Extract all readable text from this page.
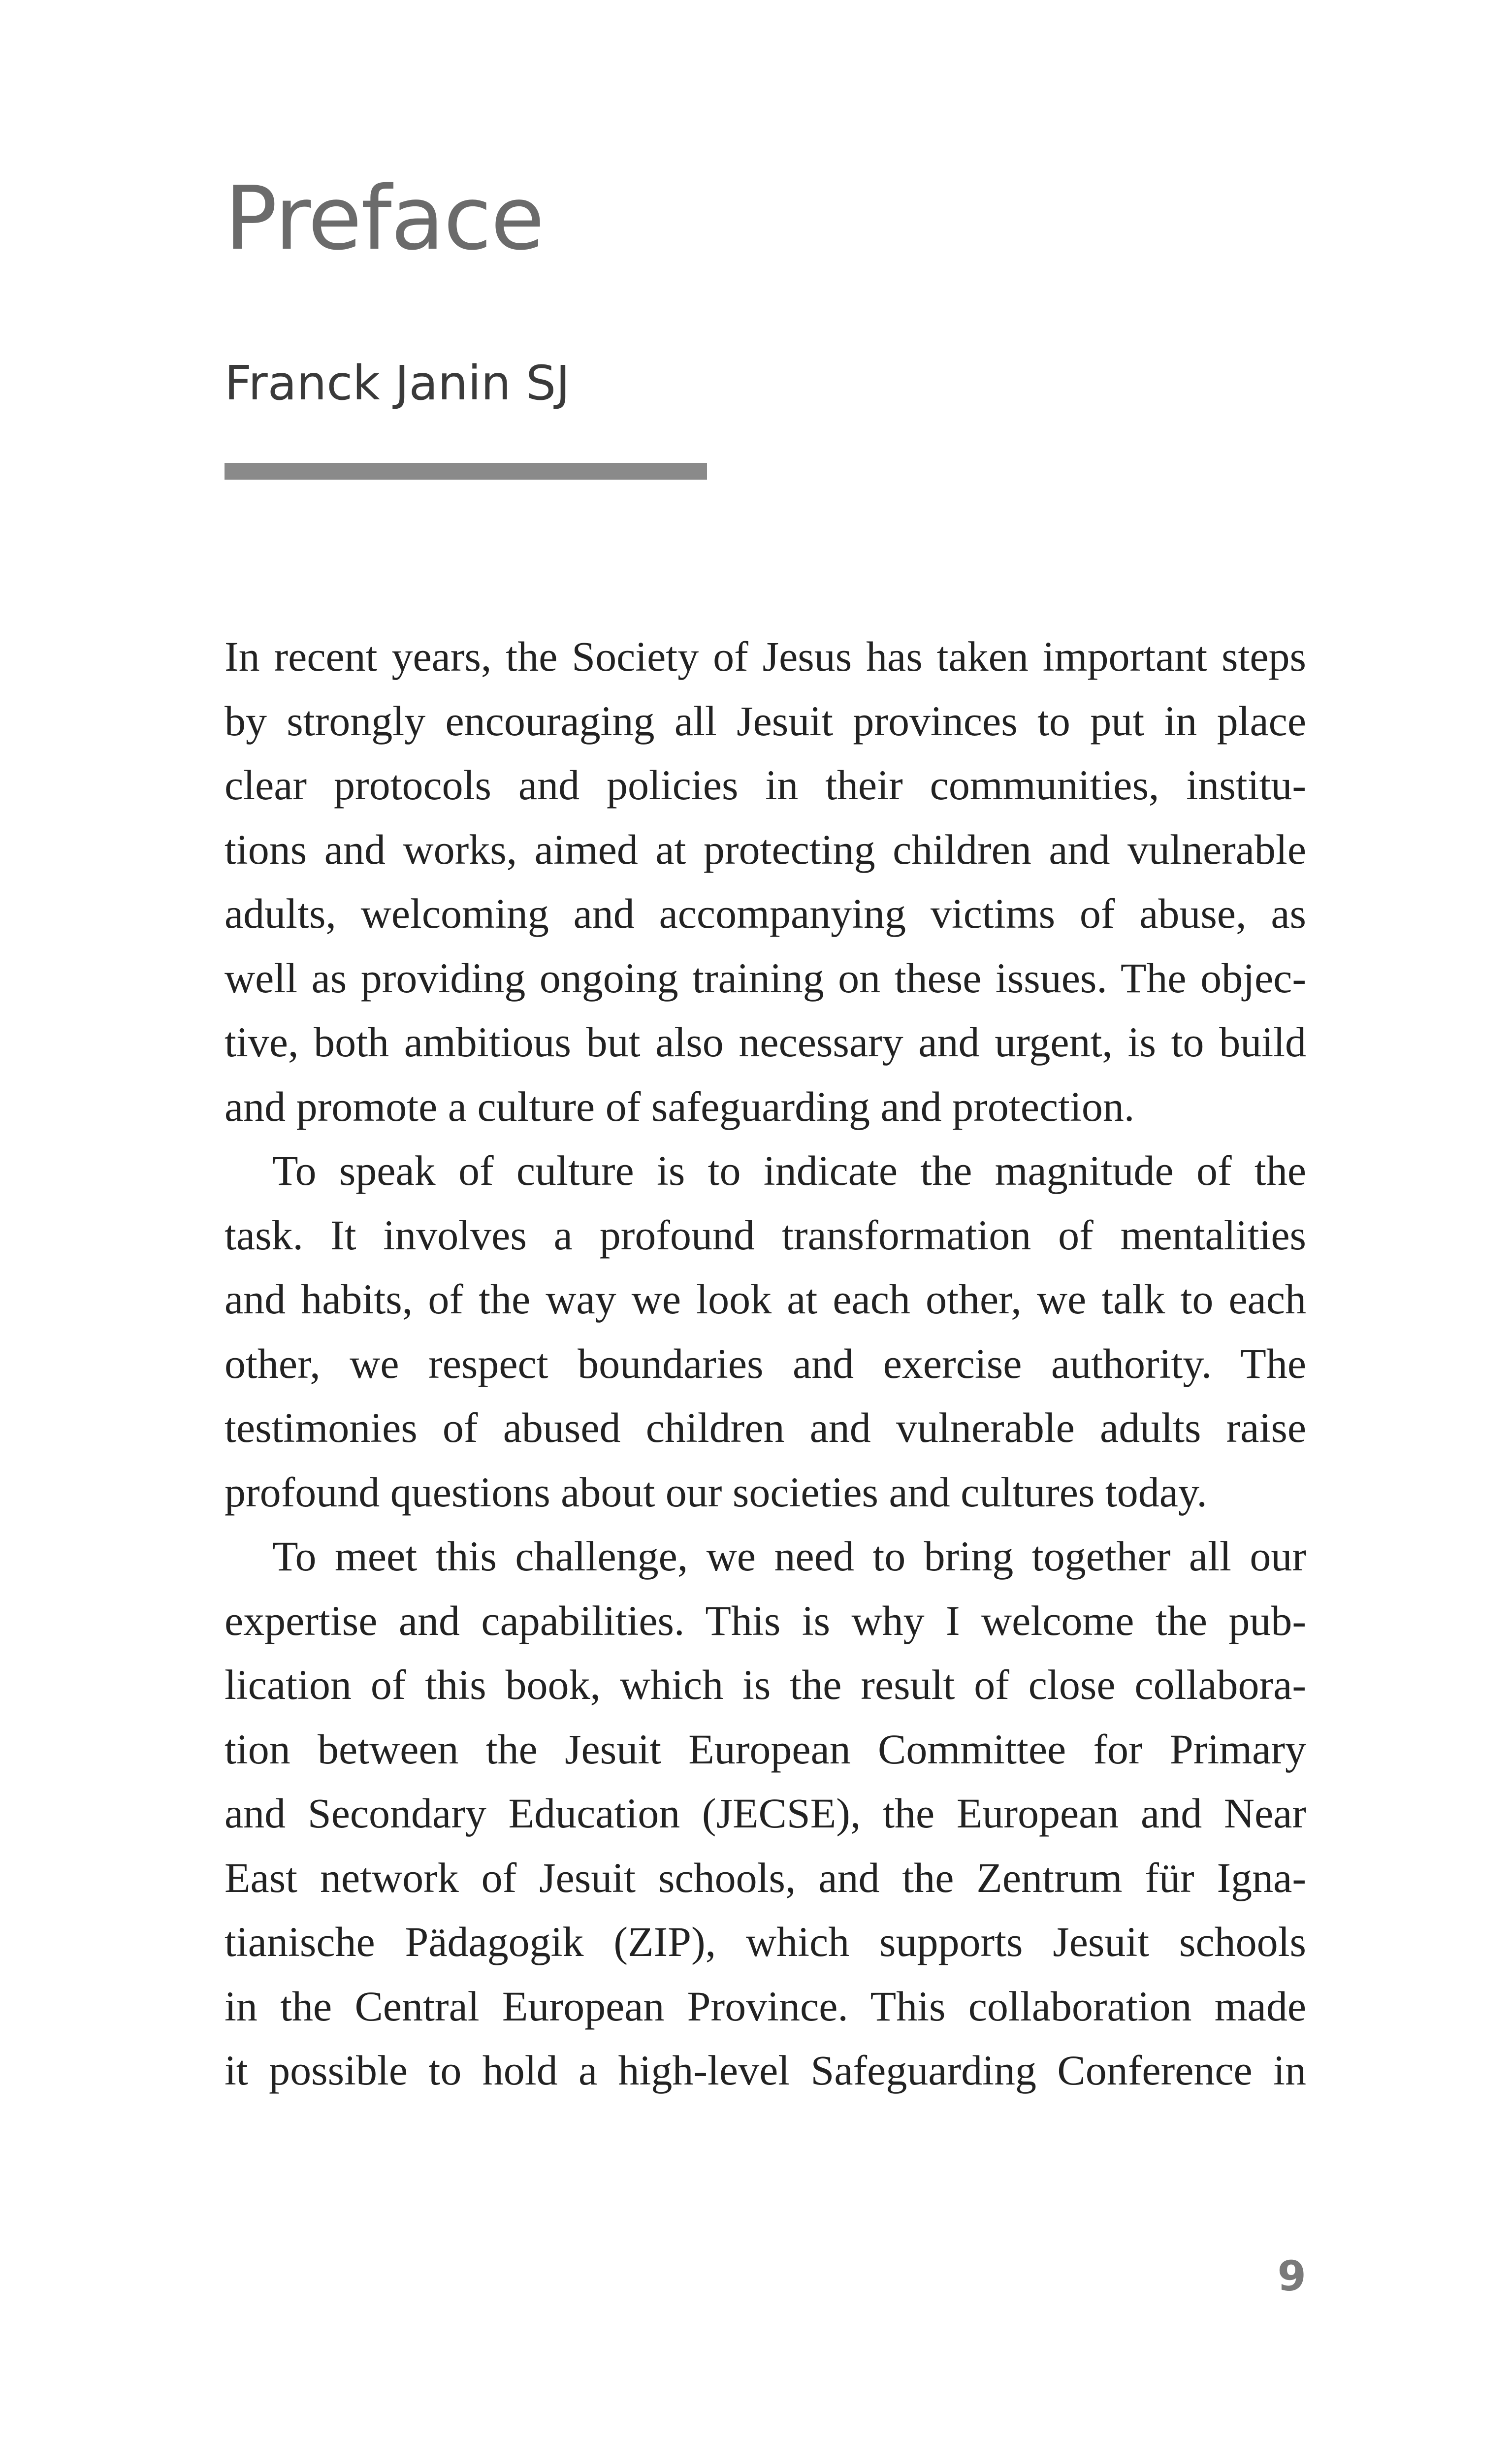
Preface
Franck Janin SJ

In recent years, the Society of Jesus has taken important steps
by strongly encouraging all Jesuit provinces to put in place
clear protocols and policies in their communities, institu-
tions and works, aimed at protecting children and vulnerable
adults, welcoming and accompanying victims of abuse, as
well as providing ongoing training on these issues. The objec-
tive, both ambitious but also necessary and urgent, is to build
and promote a culture of safeguarding and protection.

To speak of culture is to indicate the magnitude of the
task. It involves a profound transformation of mentalities
and habits, of the way we look at each other, we talk to each
other, we respect boundaries and exercise authority. The
testimonies of abused children and vulnerable adults raise
profound questions about our societies and cultures today.

To meet this challenge, we need to bring together all our
expertise and capabilities. This is why I welcome the pub-
lication of this book, which is the result of close collabora-
tion between the Jesuit European Committee for Primary
and Secondary Education (JECSE), the European and Near
East network of Jesuit schools, and the Zentrum für Igna-
tianische Pädagogik (ZIP), which supports Jesuit schools
in the Central European Province. This collaboration made
it possible to hold a high-level Safeguarding Conference in

9
